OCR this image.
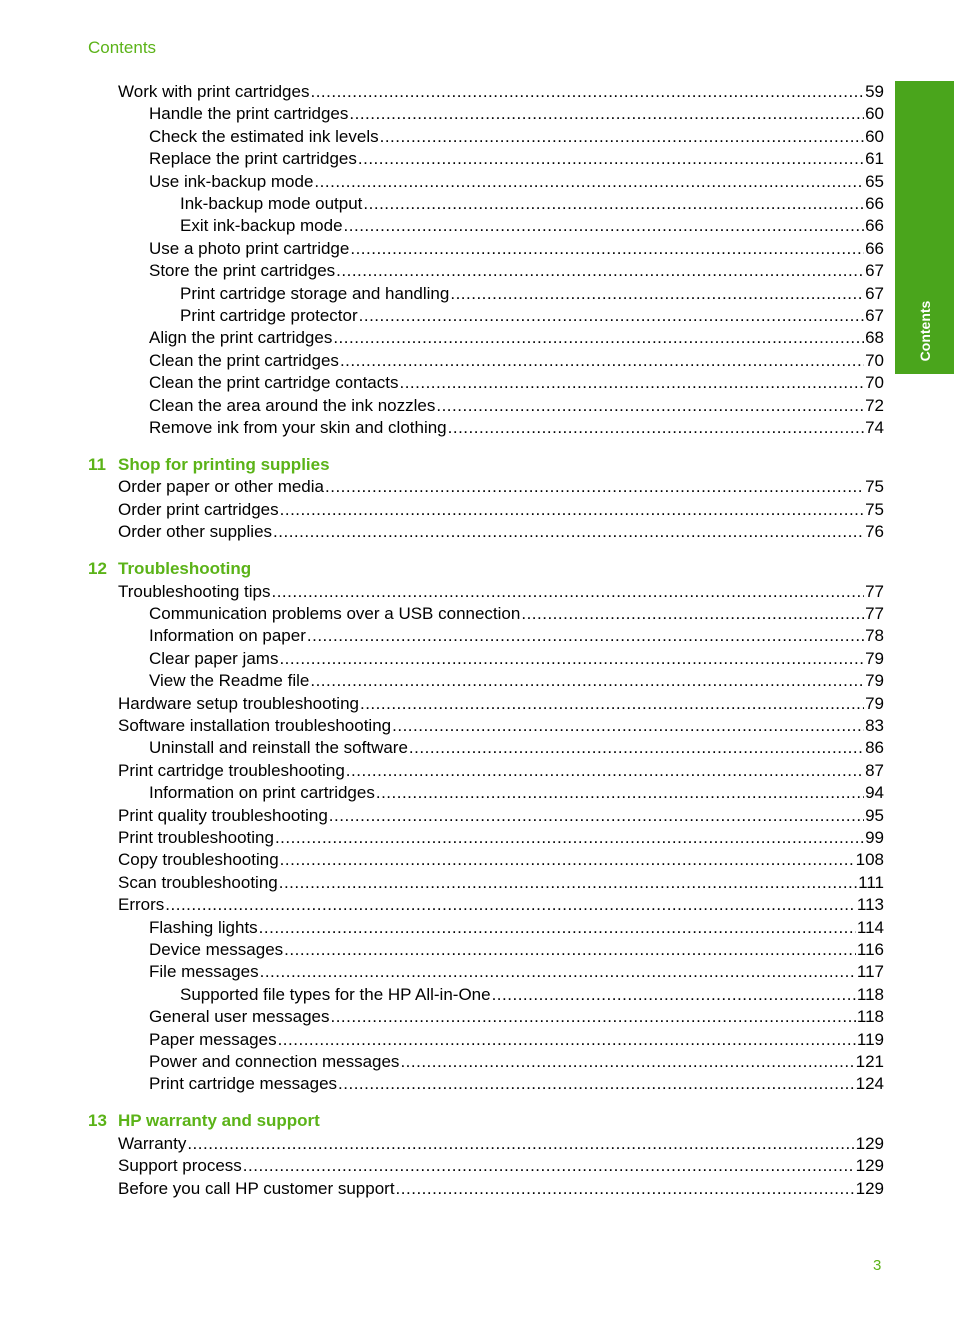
Contents
Contents
Work with print cartridges .....	59
Handle the print cartridges .....	60
Check the estimated ink levels .....	60
Replace the print cartridges .....	61
Use ink-backup mode .....	65
Ink-backup mode output .....	66
Exit ink-backup mode .....	66
Use a photo print cartridge .....	66
Store the print cartridges .....	67
Print cartridge storage and handling .....	67
Print cartridge protector .....	67
Align the print cartridges .....	68
Clean the print cartridges .....	70
Clean the print cartridge contacts .....	70
Clean the area around the ink nozzles .....	72
Remove ink from your skin and clothing .....	74
11 Shop for printing supplies
Order paper or other media .....	75
Order print cartridges .....	75
Order other supplies .....	76
12 Troubleshooting
Troubleshooting tips .....	77
Communication problems over a USB connection .....	77
Information on paper .....	78
Clear paper jams .....	79
View the Readme file .....	79
Hardware setup troubleshooting .....	79
Software installation troubleshooting .....	83
Uninstall and reinstall the software .....	86
Print cartridge troubleshooting .....	87
Information on print cartridges .....	94
Print quality troubleshooting .....	95
Print troubleshooting .....	99
Copy troubleshooting .....	108
Scan troubleshooting .....	111
Errors .....	113
Flashing lights .....	114
Device messages .....	116
File messages .....	117
Supported file types for the HP All-in-One .....	118
General user messages .....	118
Paper messages .....	119
Power and connection messages .....	121
Print cartridge messages .....	124
13 HP warranty and support
Warranty .....	129
Support process .....	129
Before you call HP customer support .....	129
3
